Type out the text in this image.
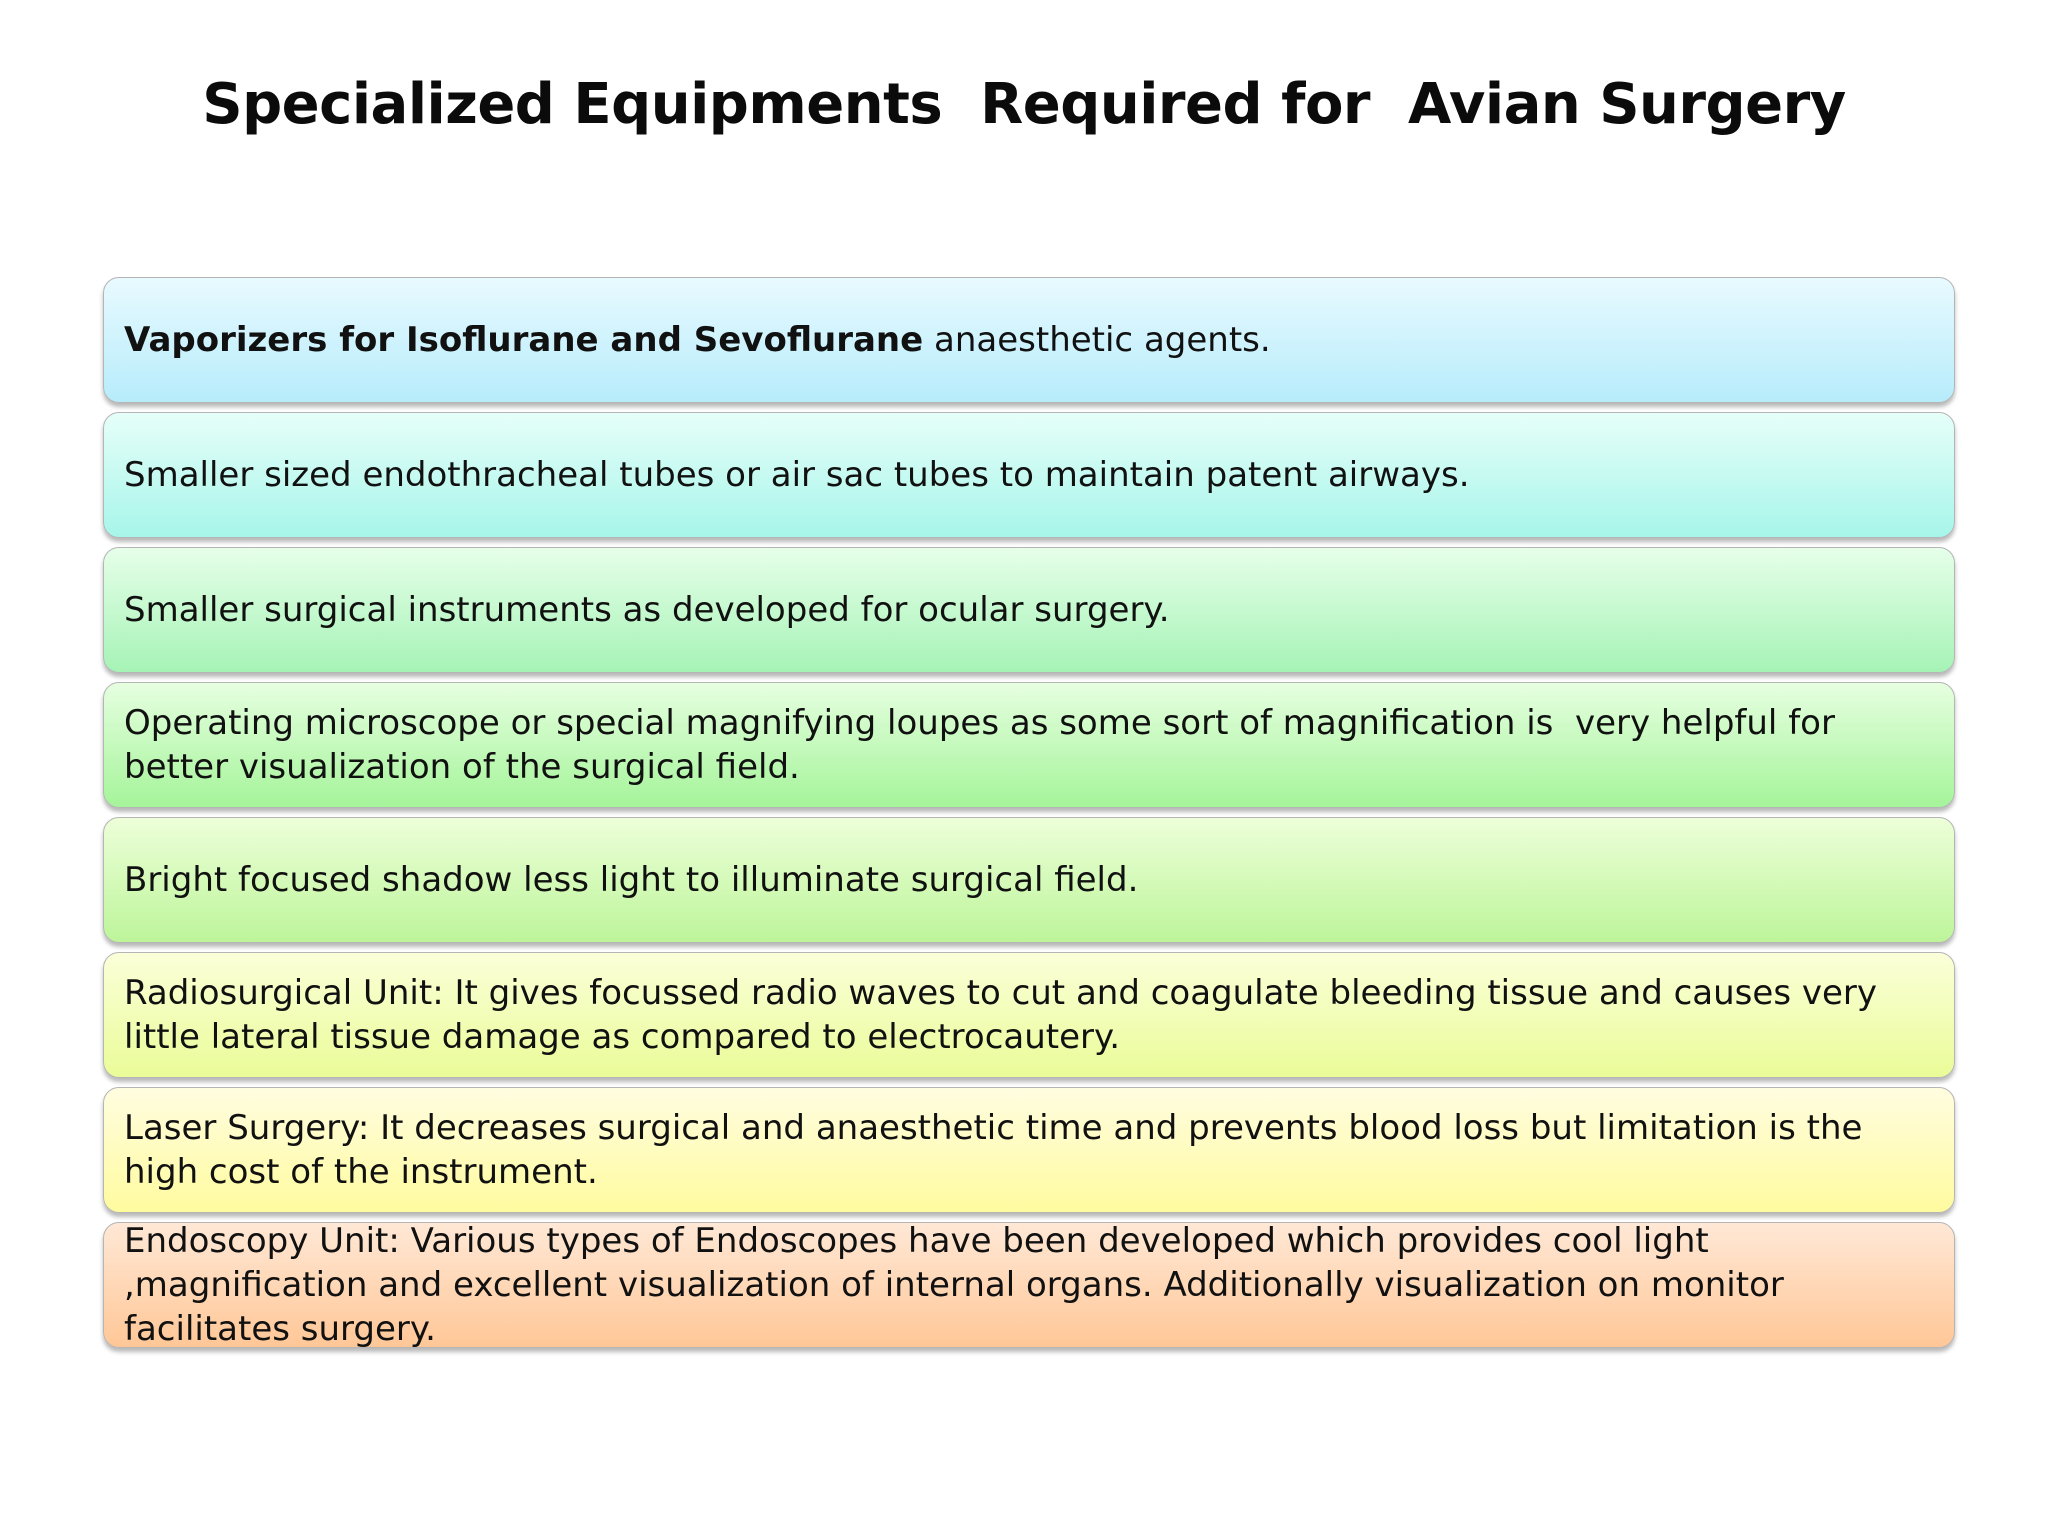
Specialized Equipments  Required for  Avian Surgery
Vaporizers for Isoflurane and Sevoflurane anaesthetic agents.
Smaller sized endothracheal tubes or air sac tubes to maintain patent airways.
Smaller surgical instruments as developed for ocular surgery.
Operating microscope or special magnifying loupes as some sort of magnification is  very helpful for better visualization of the surgical field.
Bright focused shadow less light to illuminate surgical field.
Radiosurgical Unit: It gives focussed radio waves to cut and coagulate bleeding tissue and causes very little lateral tissue damage as compared to electrocautery.
Laser Surgery: It decreases surgical and anaesthetic time and prevents blood loss but limitation is the high cost of the instrument.
Endoscopy Unit: Various types of Endoscopes have been developed which provides cool light ,magnification and excellent visualization of internal organs. Additionally visualization on monitor facilitates surgery.
